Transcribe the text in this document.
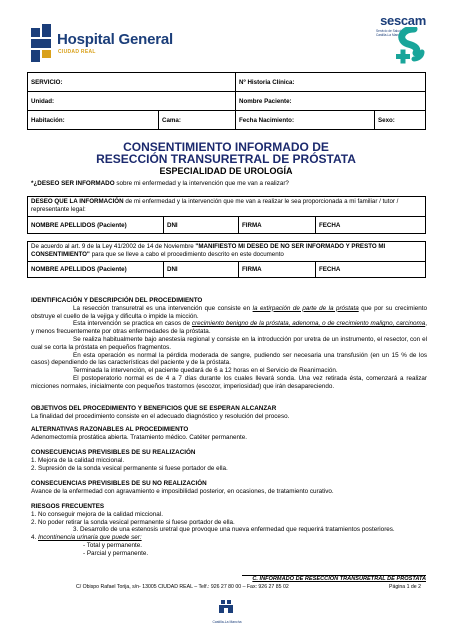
Hospital General
CIUDAD REAL
sescam
Servicio de Salud de Castilla-La Mancha
SERVICIO:		Nº Historia Clínica:	
Unidad:		Nombre Paciente:	
Habitación:	Cama:	Fecha Nacimiento:	Sexo:
CONSENTIMIENTO INFORMADO DE
RESECCIÓN TRANSURETRAL DE PRÓSTATA
ESPECIALIDAD DE UROLOGÍA
*¿DESEO SER INFORMADO sobre mi enfermedad y la intervención que me van a realizar?
DESEO QUE LA INFORMACIÓN de mi enfermedad y la intervención que me van a realizar le sea proporcionada a mi familiar / tutor / representante legal:
NOMBRE APELLIDOS (Paciente)	DNI	FIRMA	FECHA
De acuerdo al art. 9 de la Ley 41/2002 de 14 de Noviembre "MANIFIESTO MI DESEO DE NO SER INFORMADO Y PRESTO MI CONSENTIMIENTO" para que se lleve a cabo el procedimiento descrito en este documento
NOMBRE APELLIDOS (Paciente)	DNI	FIRMA	FECHA

IDENTIFICACIÓN Y DESCRIPCIÓN DEL PROCEDIMIENTO

La resección transuretral es una intervención que consiste en la extirpación de parte de la próstata que por su crecimiento obstruye el cuello de la vejiga y dificulta o impide la micción.

Esta intervención se practica en casos de crecimiento benigno de la próstata, adenoma, o de crecimiento maligno, carcinoma, y menos frecuentemente por otras enfermedades de la próstata.

Se realiza habitualmente bajo anestesia regional y consiste en la introducción por uretra de un instrumento, el resector, con el cual se corta la próstata en pequeños fragmentos.

En esta operación es normal la pérdida moderada de sangre, pudiendo ser necesaria una transfusión (en un 15 % de los casos) dependiendo de las características del paciente y de la próstata.

Terminada la intervención, el paciente quedará de 6 a 12 horas en el Servicio de Reanimación.

El postoperatorio normal es de 4 a 7 días durante los cuales llevará sonda. Una vez retirada ésta, comenzará a realizar micciones normales, inicialmente con pequeños trastornos (escozor, imperiosidad) que irán desapareciendo.

OBJETIVOS DEL PROCEDIMIENTO Y BENEFICIOS QUE SE ESPERAN ALCANZAR

La finalidad del procedimiento consiste en el adecuado diagnóstico y resolución del proceso.

ALTERNATIVAS RAZONABLES AL PROCEDIMIENTO

Adenomectomía prostática abierta. Tratamiento médico. Catéter permanente.

CONSECUENCIAS PREVISIBLES DE SU REALIZACIÓN

1. Mejora de la calidad miccional.

2. Supresión de la sonda vesical permanente si fuese portador de ella.

CONSECUENCIAS PREVISIBLES DE SU NO REALIZACIÓN

Avance de la enfermedad con agravamiento e imposibilidad posterior, en ocasiones, de tratamiento curativo.

RIESGOS FRECUENTES

1. No conseguir mejora de la calidad miccional.

2. No poder retirar la sonda vesical permanente si fuese portador de ella.

3. Desarrollo de una estenosis uretral que provoque una nueva enfermedad que requerirá tratamientos posteriores.

4. Incontinencia urinaria que puede ser:

- Total y permanente.

- Parcial y permanente.

C. INFORMADO DE RESECCIÓN TRANSURETRAL DE PRÓSTATA
C/ Obispo Rafael Torija, s/n- 13005 CIUDAD REAL – Telf.: 926 27 80 00 – Fax: 926 27 85 02	Página 1 de 2
Castilla-La Mancha
